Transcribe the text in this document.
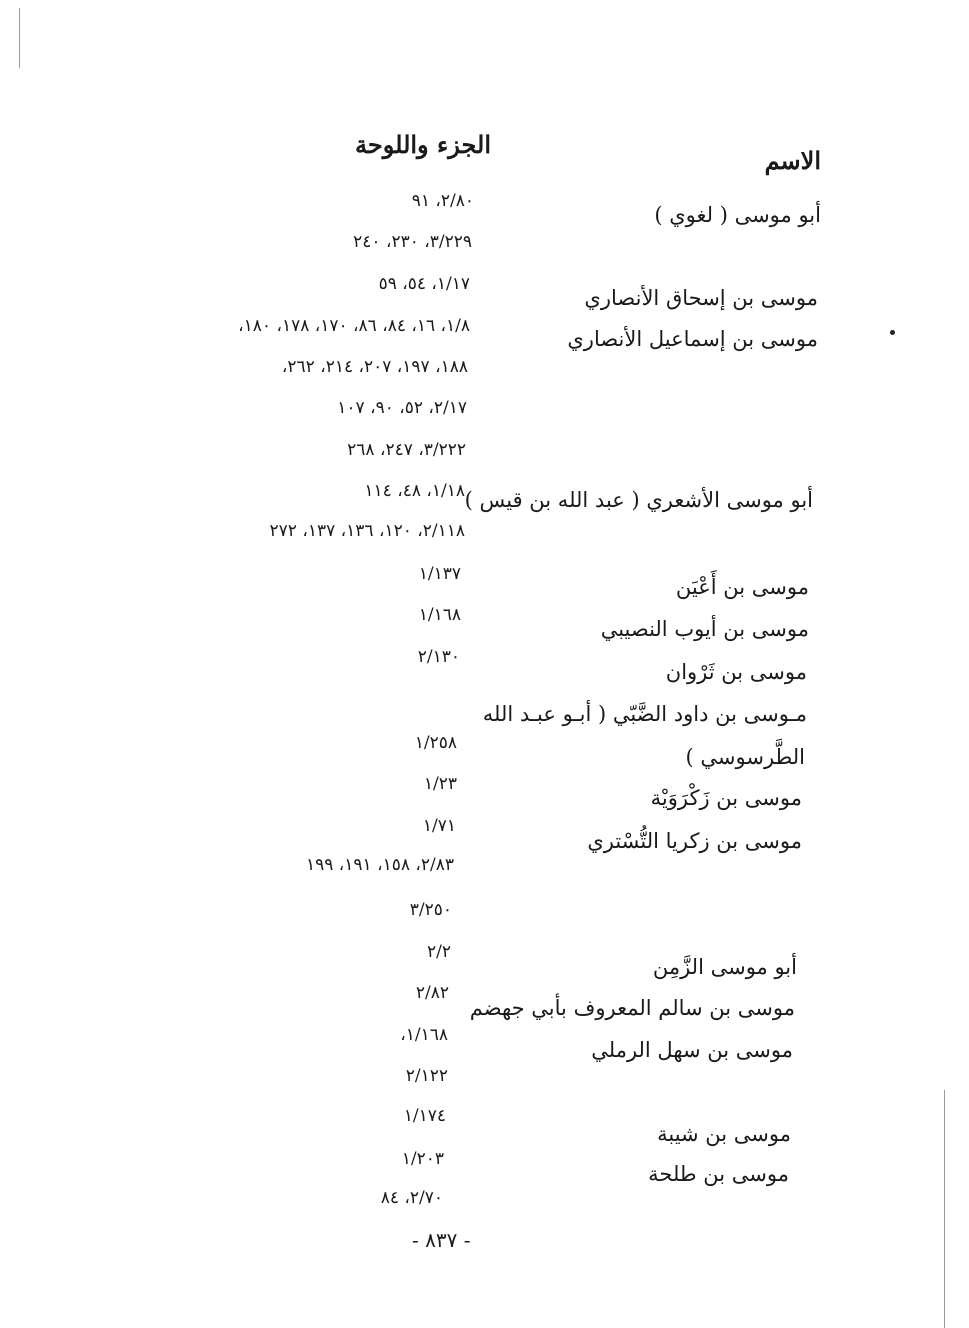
الاسم
الجزء واللوحة
أبو موسى ( لغوي )
موسى بن إسحاق الأنصاري
موسى بن إسماعيل الأنصاري
أبو موسى الأشعري ( عبد الله بن قيس )
موسى بن أَعْيَن
موسى بن أيوب النصيبي
موسى بن ثَرْوان
مـوسى بن داود الضَّبّي ( أبـو عبـد الله
الطَّرسوسي )
موسى بن زَكْرَوَيْة
موسى بن زكريا التُّسْتري
أبو موسى الزَّمِن
موسى بن سالم المعروف بأبي جهضم
موسى بن سهل الرملي
موسى بن شيبة
موسى بن طلحة
٢/٨٠، ٩١
٣/٢٢٩، ٢٣٠، ٢٤٠
١/١٧، ٥٤، ٥٩
١/٨، ١٦، ٨٤، ٨٦، ١٧٠، ١٧٨، ١٨٠،
١٨٨، ١٩٧، ٢٠٧، ٢١٤، ٢٦٢،
٢/١٧، ٥٢، ٩٠، ١٠٧
٣/٢٢٢، ٢٤٧، ٢٦٨
١/١٨، ٤٨، ١١٤
٢/١١٨، ١٢٠، ١٣٦، ١٣٧، ٢٧٢
١/١٣٧
١/١٦٨
٢/١٣٠
١/٢٥٨
١/٢٣
١/٧١
٢/٨٣، ١٥٨، ١٩١، ١٩٩
٣/٢٥٠
٢/٢
٢/٨٢
١/١٦٨،
٢/١٢٢
١/١٧٤
١/٢٠٣
٢/٧٠، ٨٤
- ٨٣٧ -
